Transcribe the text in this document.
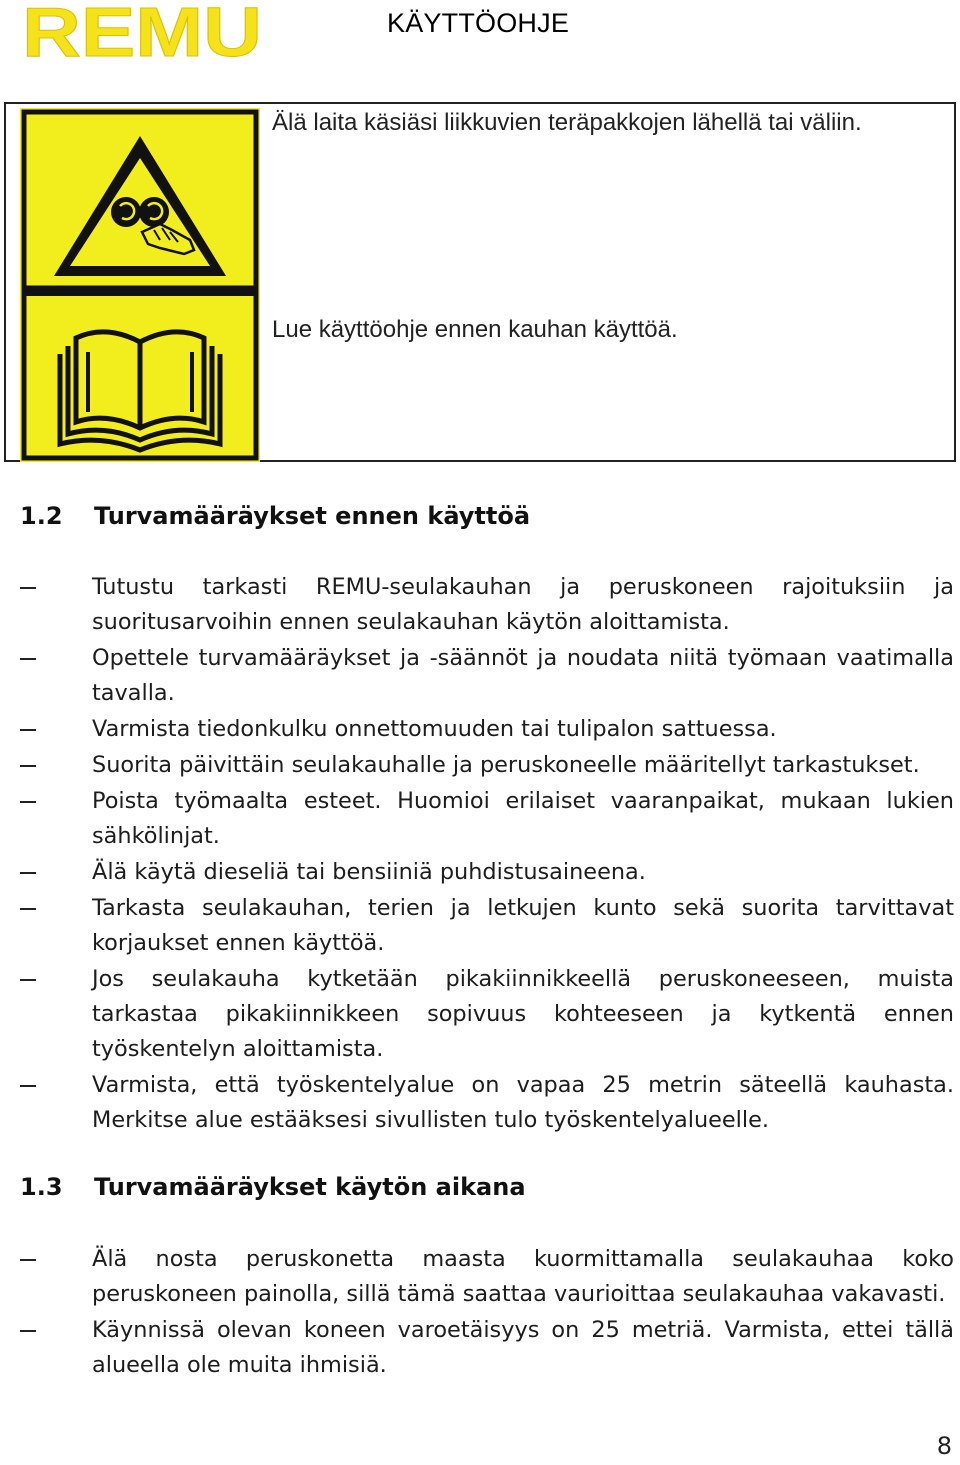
REMU	KÄYTTÖOHJE
Älä laita käsiäsi liikkuvien teräpakkojen lähellä tai väliin.
Lue käyttöohje ennen kauhan käyttöä.
1.2 Turvamääräykset ennen käyttöä
Tutustu tarkasti REMU-seulakauhan ja peruskoneen rajoituksiin ja suoritusarvoihin ennen seulakauhan käytön aloittamista.
Opettele turvamääräykset ja -säännöt ja noudata niitä työmaan vaatimalla tavalla.
Varmista tiedonkulku onnettomuuden tai tulipalon sattuessa.
Suorita päivittäin seulakauhalle ja peruskoneelle määritellyt tarkastukset.
Poista työmaalta esteet. Huomioi erilaiset vaaranpaikat, mukaan lukien sähkölinjat.
Älä käytä dieseliä tai bensiiniä puhdistusaineena.
Tarkasta seulakauhan, terien ja letkujen kunto sekä suorita tarvittavat korjaukset ennen käyttöä.
Jos seulakauha kytketään pikakiinnikkeellä peruskoneeseen, muista tarkastaa pikakiinnikkeen sopivuus kohteeseen ja kytkentä ennen työskentelyn aloittamista.
Varmista, että työskentelyalue on vapaa 25 metrin säteellä kauhasta. Merkitse alue estääksesi sivullisten tulo työskentelyalueelle.
1.3 Turvamääräykset käytön aikana
Älä nosta peruskonetta maasta kuormittamalla seulakauhaa koko peruskoneen painolla, sillä tämä saattaa vaurioittaa seulakauhaa vakavasti.
Käynnissä olevan koneen varoetäisyys on 25 metriä. Varmista, ettei tällä alueella ole muita ihmisiä.
8
